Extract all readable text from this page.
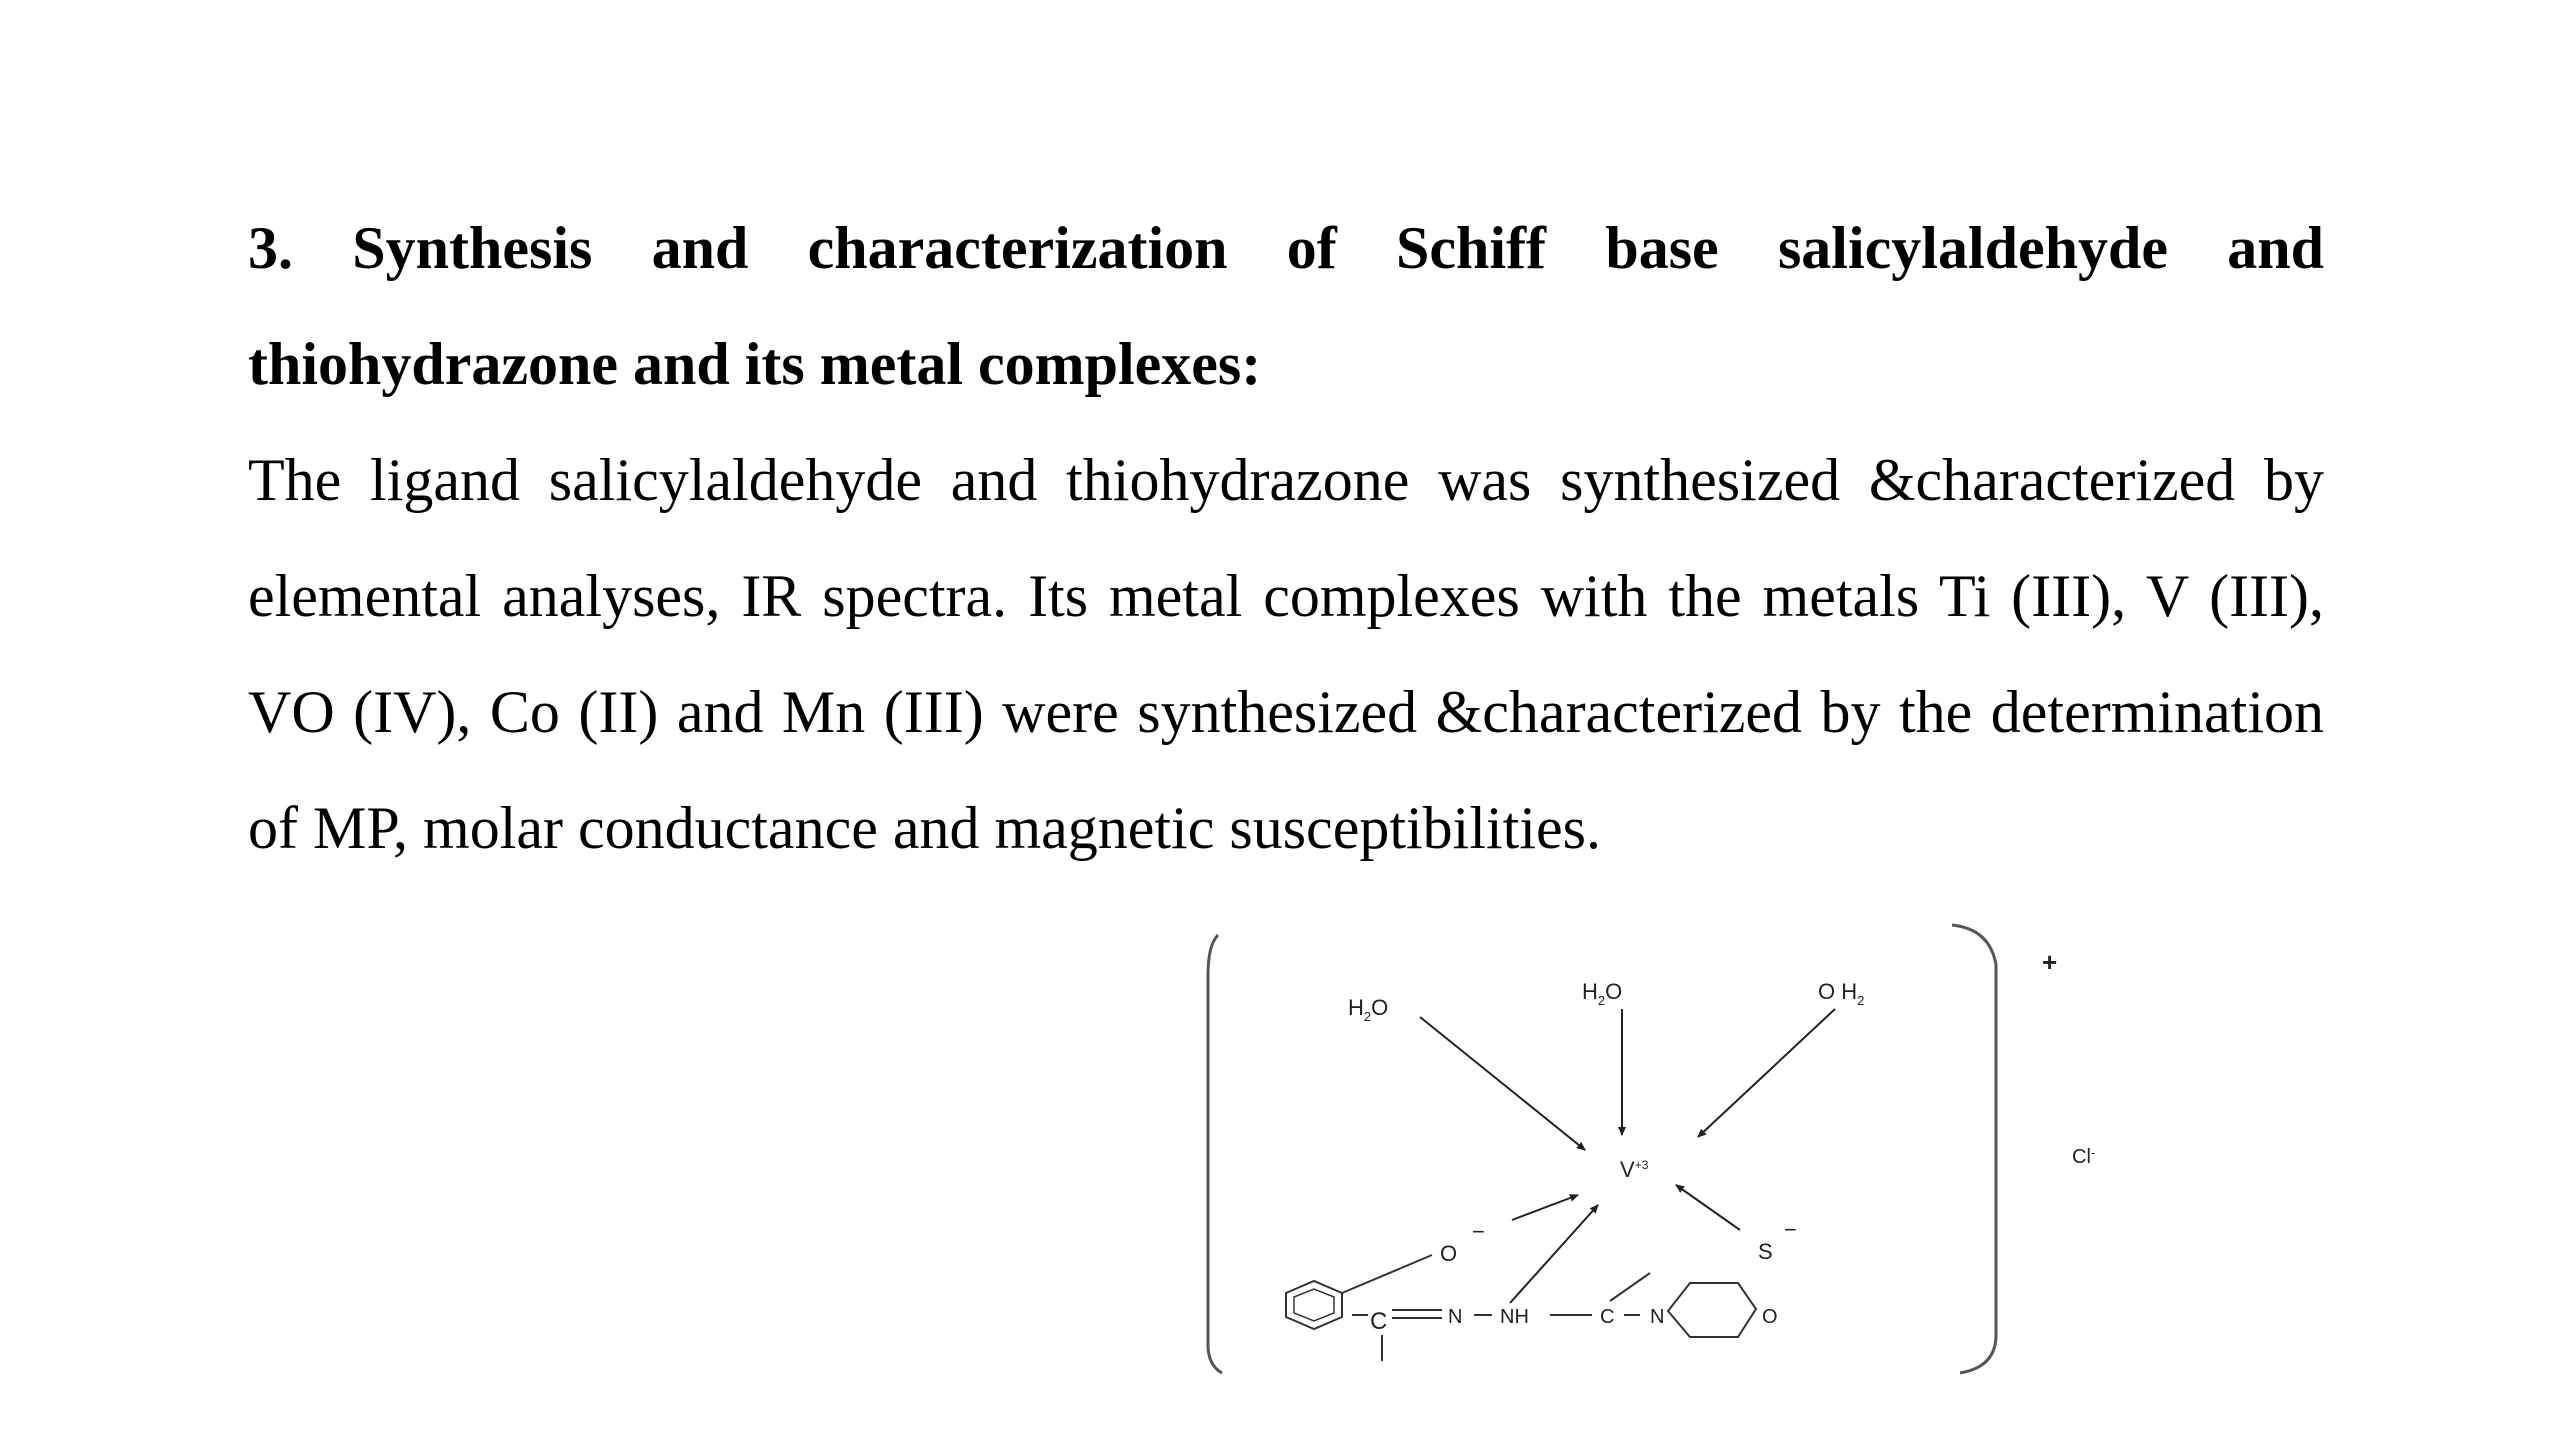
3. Synthesis and characterization of Schiff base salicylaldehyde and thiohydrazone and its metal complexes:

The ligand salicylaldehyde and thiohydrazone was synthesized &characterized by elemental analyses, IR spectra. Its metal complexes with the metals Ti (III), V (III), VO (IV), Co (II) and Mn (III) were synthesized &characterized by the determination of MP, molar conductance and magnetic susceptibilities.

+
Cl-
$H_2O$
$H_2O$	O $H_2$
$V^{+3}$
O
−
S
−
C	N NH	C N	O
